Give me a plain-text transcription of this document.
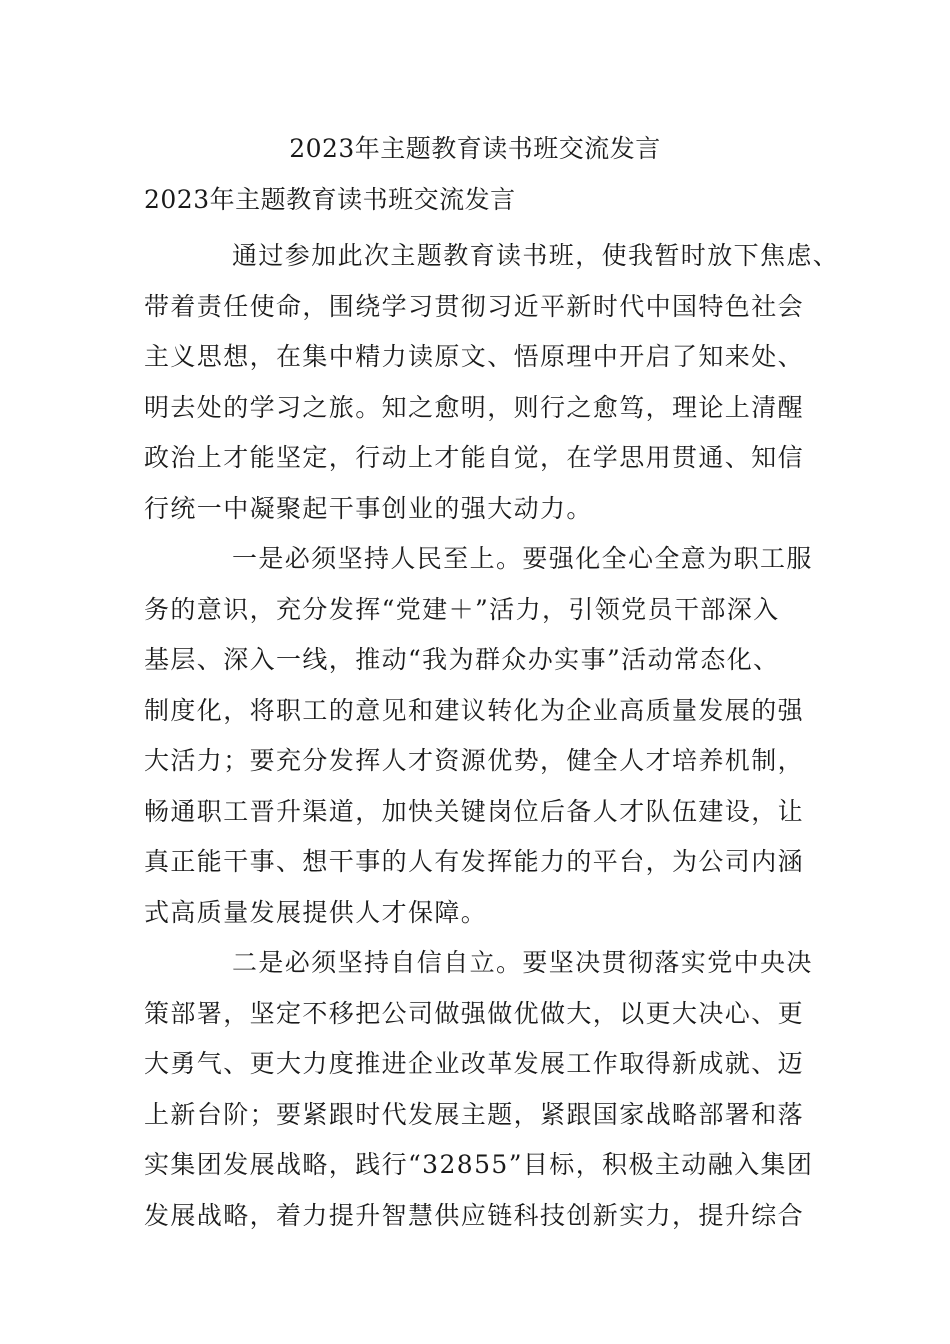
2023年主题教育读书班交流发言
2023年主题教育读书班交流发言

通过参加此次主题教育读书班，使我暂时放下焦虑、
带着责任使命，围绕学习贯彻习近平新时代中国特色社会
主义思想，在集中精力读原文、悟原理中开启了知来处、
明去处的学习之旅。知之愈明，则行之愈笃，理论上清醒
政治上才能坚定，行动上才能自觉，在学思用贯通、知信
行统一中凝聚起干事创业的强大动力。

一是必须坚持人民至上。要强化全心全意为职工服
务的意识，充分发挥“党建＋”活力，引领党员干部深入
基层、深入一线，推动“我为群众办实事”活动常态化、
制度化，将职工的意见和建议转化为企业高质量发展的强
大活力；要充分发挥人才资源优势，健全人才培养机制，
畅通职工晋升渠道，加快关键岗位后备人才队伍建设，让
真正能干事、想干事的人有发挥能力的平台，为公司内涵
式高质量发展提供人才保障。

二是必须坚持自信自立。要坚决贯彻落实党中央决
策部署，坚定不移把公司做强做优做大，以更大决心、更
大勇气、更大力度推进企业改革发展工作取得新成就、迈
上新台阶；要紧跟时代发展主题，紧跟国家战略部署和落
实集团发展战略，践行“32855”目标，积极主动融入集团
发展战略，着力提升智慧供应链科技创新实力，提升综合
